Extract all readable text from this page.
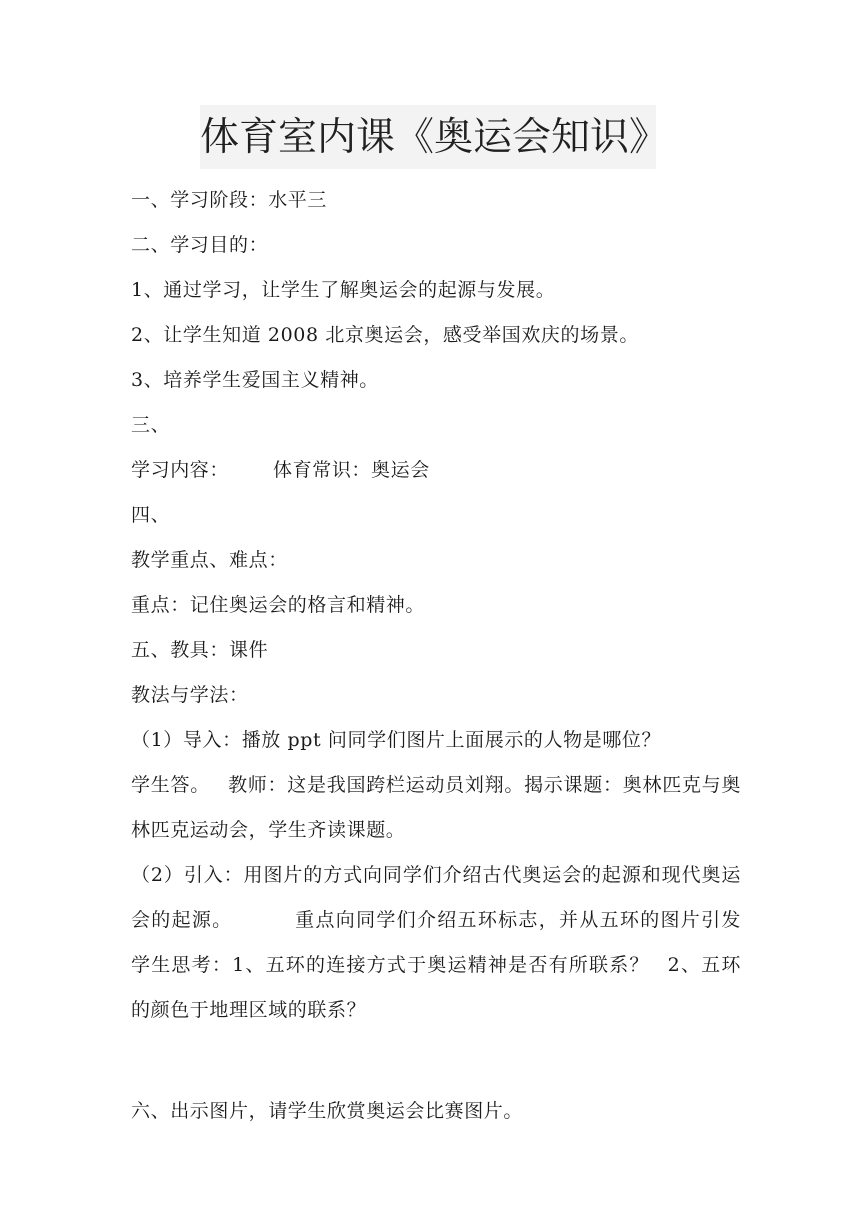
体育室内课《奥运会知识》
一、学习阶段：水平三
二、学习目的：
1、通过学习，让学生了解奥运会的起源与发展。
2、让学生知道 2008 北京奥运会，感受举国欢庆的场景。
3、培养学生爱国主义精神。
三、
学习内容： 体育常识：奥运会
四、
教学重点、难点：
重点：记住奥运会的格言和精神。
五、教具：课件
教法与学法：
（1）导入：播放 ppt 问同学们图片上面展示的人物是哪位？
学生答。 教师：这是我国跨栏运动员刘翔。揭示课题：奥林匹克与奥林匹克运动会，学生齐读课题。
（2）引入：用图片的方式向同学们介绍古代奥运会的起源和现代奥运会的起源。	重点向同学们介绍五环标志，并从五环的图片引发学生思考：1、五环的连接方式于奥运精神是否有所联系？ 2、五环的颜色于地理区域的联系？
六、出示图片，请学生欣赏奥运会比赛图片。
